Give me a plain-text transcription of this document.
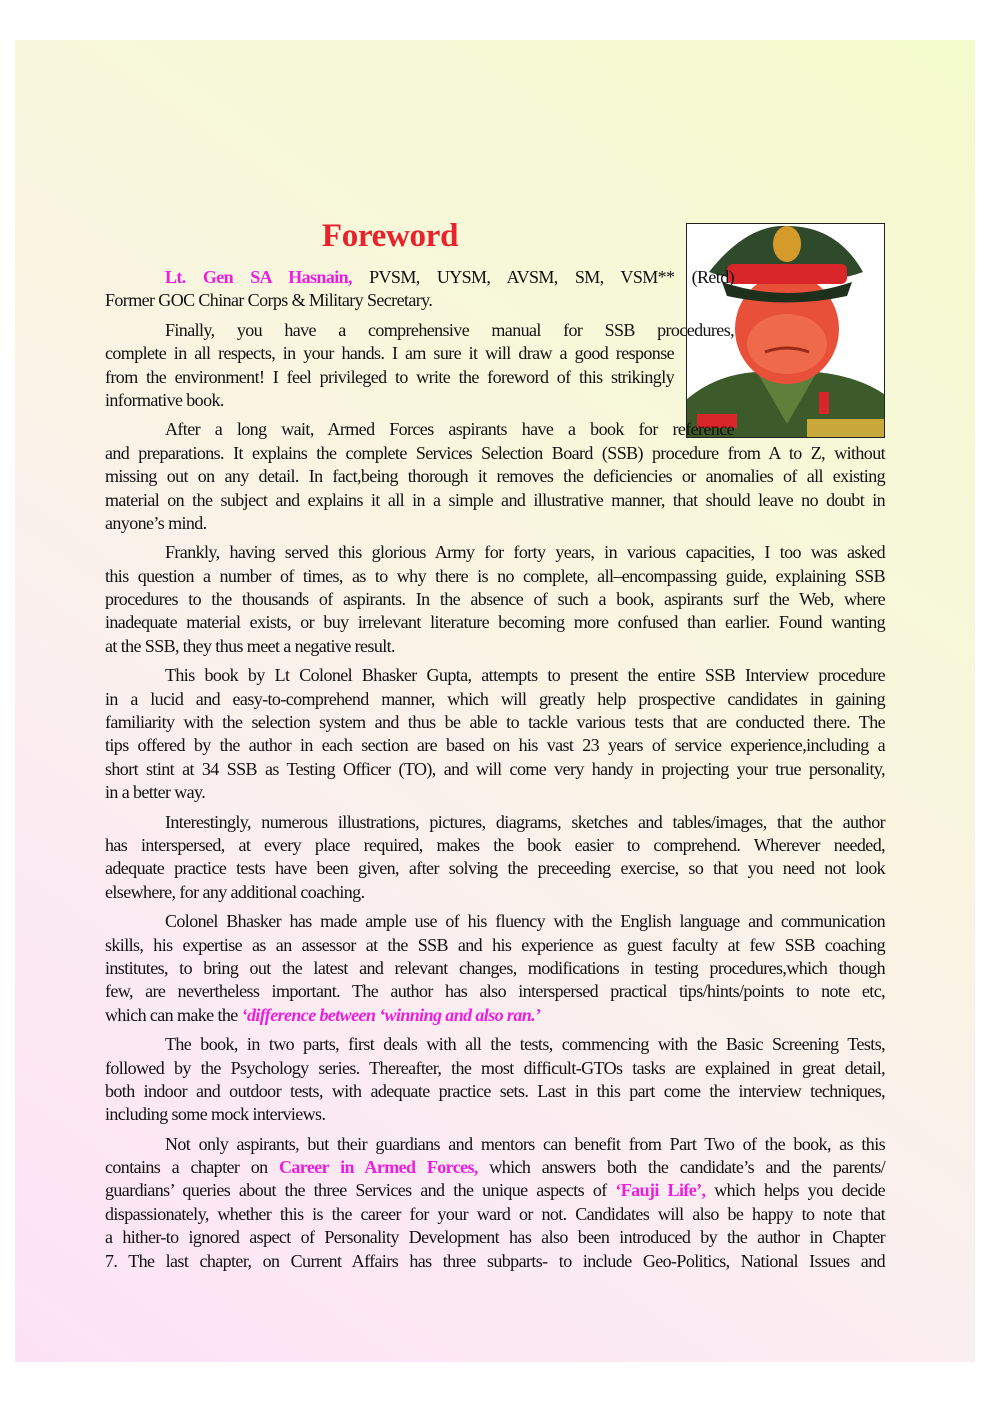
Foreword
Lt. Gen SA Hasnain, PVSM, UYSM, AVSM, SM, VSM** (Retd)
Former GOC Chinar Corps & Military Secretary.
Finally, you have a comprehensive manual for SSB procedures,
complete in all respects, in your hands. I am sure it will draw a good response
from the environment! I feel privileged to write the foreword of this strikingly
informative book.
After a long wait, Armed Forces aspirants have a book for reference
and preparations. It explains the complete Services Selection Board (SSB) procedure from A to Z, without
missing out on any detail. In fact,being thorough it removes the deficiencies or anomalies of all existing
material on the subject and explains it all in a simple and illustrative manner, that should leave no doubt in
anyone’s mind.
Frankly, having served this glorious Army for forty years, in various capacities, I too was asked
this question a number of times, as to why there is no complete, all–encompassing guide, explaining SSB
procedures to the thousands of aspirants. In the absence of such a book, aspirants surf the Web, where
inadequate material exists, or buy irrelevant literature becoming more confused than earlier. Found wanting
at the SSB, they thus meet a negative result.
This book by Lt Colonel Bhasker Gupta, attempts to present the entire SSB Interview procedure
in a lucid and easy-to-comprehend manner, which will greatly help prospective candidates in gaining
familiarity with the selection system and thus be able to tackle various tests that are conducted there. The
tips offered by the author in each section are based on his vast 23 years of service experience,including a
short stint at 34 SSB as Testing Officer (TO), and will come very handy in projecting your true personality,
in a better way.
Interestingly, numerous illustrations, pictures, diagrams, sketches and tables/images, that the author
has interspersed, at every place required, makes the book easier to comprehend. Wherever needed,
adequate practice tests have been given, after solving the preceeding exercise, so that you need not look
elsewhere, for any additional coaching.
Colonel Bhasker has made ample use of his fluency with the English language and communication
skills, his expertise as an assessor at the SSB and his experience as guest faculty at few SSB coaching
institutes, to bring out the latest and relevant changes, modifications in testing procedures,which though
few, are nevertheless important. The author has also interspersed practical tips/hints/points to note etc,
which can make the ‘difference between ‘winning and also ran.’
The book, in two parts, first deals with all the tests, commencing with the Basic Screening Tests,
followed by the Psychology series. Thereafter, the most difficult-GTOs tasks are explained in great detail,
both indoor and outdoor tests, with adequate practice sets. Last in this part come the interview techniques,
including some mock interviews.
Not only aspirants, but their guardians and mentors can benefit from Part Two of the book, as this
contains a chapter on Career in Armed Forces, which answers both the candidate’s and the parents/
guardians’ queries about the three Services and the unique aspects of ‘Fauji Life’, which helps you decide
dispassionately, whether this is the career for your ward or not. Candidates will also be happy to note that
a hither-to ignored aspect of Personality Development has also been introduced by the author in Chapter
7. The last chapter, on Current Affairs has three subparts- to include Geo-Politics, National Issues and
